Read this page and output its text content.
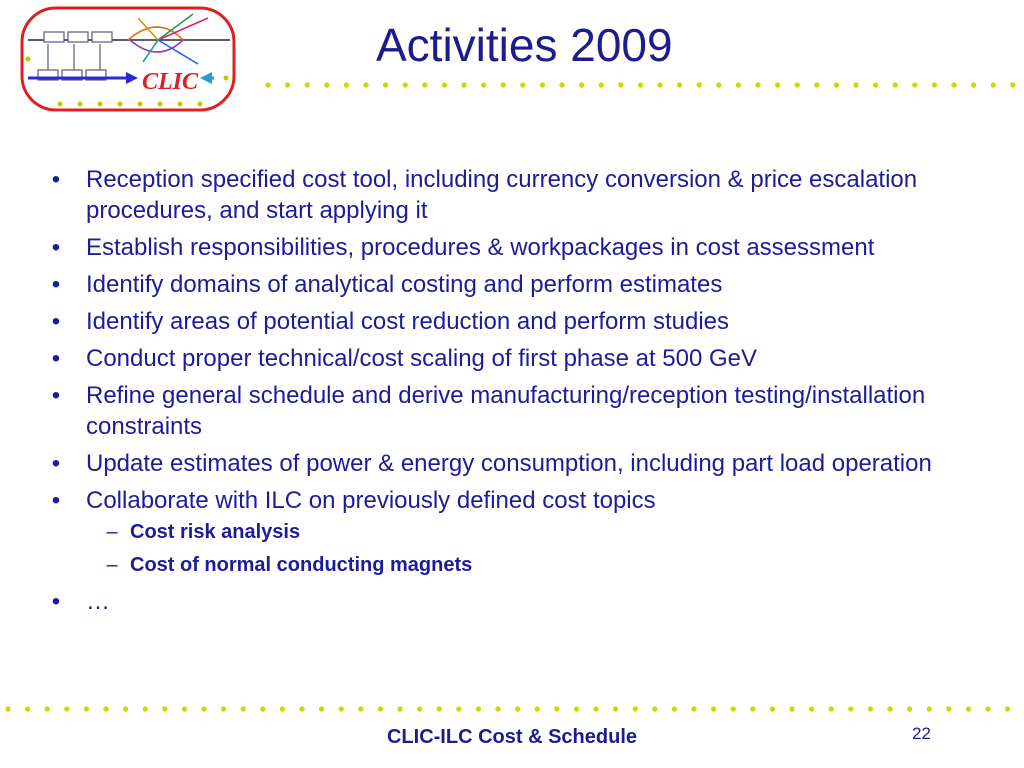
CLIC
Activities 2009
• Reception specified cost tool, including currency conversion & price escalation procedures, and start applying it
• Establish responsibilities, procedures & workpackages in cost assessment
• Identify domains of analytical costing and perform estimates
• Identify areas of potential cost reduction and perform studies
• Conduct proper technical/cost scaling of first phase at 500 GeV
• Refine general schedule and derive manufacturing/reception testing/installation constraints
• Update estimates of power & energy consumption, including part load operation
• Collaborate with ILC on previously defined cost topics
– Cost risk analysis
– Cost of normal conducting magnets
• …
CLIC-ILC Cost & Schedule	22
